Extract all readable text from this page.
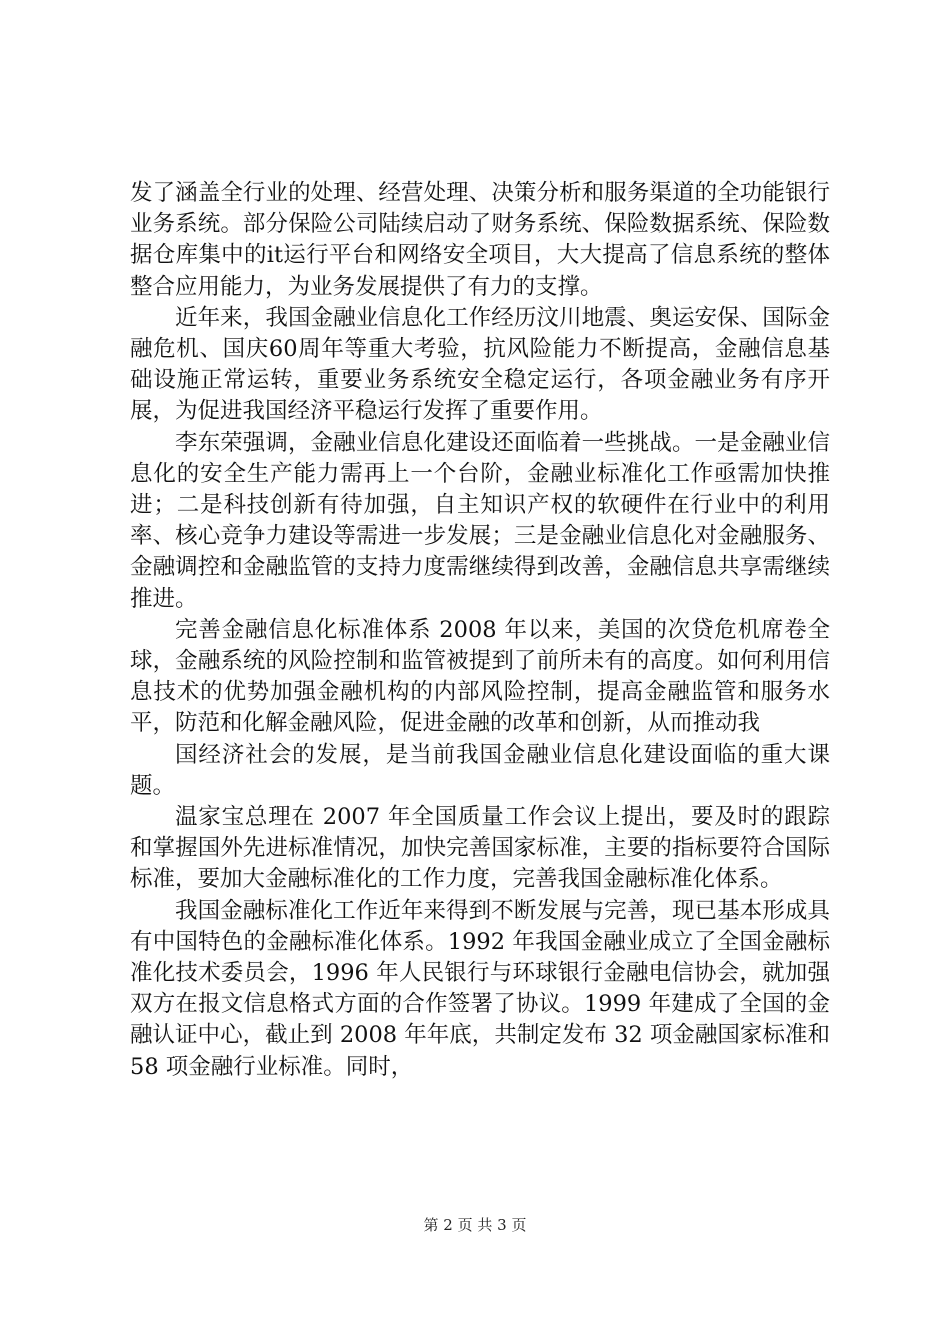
发了涵盖全行业的处理、经营处理、决策分析和服务渠道的全功能银行业务系统。部分保险公司陆续启动了财务系统、保险数据系统、保险数据仓库集中的it运行平台和网络安全项目，大大提高了信息系统的整体整合应用能力，为业务发展提供了有力的支撑。

近年来，我国金融业信息化工作经历汶川地震、奥运安保、国际金融危机、国庆60周年等重大考验，抗风险能力不断提高，金融信息基础设施正常运转，重要业务系统安全稳定运行，各项金融业务有序开展，为促进我国经济平稳运行发挥了重要作用。

李东荣强调，金融业信息化建设还面临着一些挑战。一是金融业信息化的安全生产能力需再上一个台阶，金融业标准化工作亟需加快推进；二是科技创新有待加强，自主知识产权的软硬件在行业中的利用率、核心竞争力建设等需进一步发展；三是金融业信息化对金融服务、金融调控和金融监管的支持力度需继续得到改善，金融信息共享需继续推进。

完善金融信息化标准体系 2008 年以来，美国的次贷危机席卷全球，金融系统的风险控制和监管被提到了前所未有的高度。如何利用信息技术的优势加强金融机构的内部风险控制，提高金融监管和服务水平，防范和化解金融风险，促进金融的改革和创新，从而推动我

国经济社会的发展，是当前我国金融业信息化建设面临的重大课题。

温家宝总理在 2007 年全国质量工作会议上提出，要及时的跟踪和掌握国外先进标准情况，加快完善国家标准，主要的指标要符合国际标准，要加大金融标准化的工作力度，完善我国金融标准化体系。

我国金融标准化工作近年来得到不断发展与完善，现已基本形成具有中国特色的金融标准化体系。1992 年我国金融业成立了全国金融标准化技术委员会，1996 年人民银行与环球银行金融电信协会，就加强双方在报文信息格式方面的合作签署了协议。1999 年建成了全国的金融认证中心，截止到 2008 年年底，共制定发布 32 项金融国家标准和 58 项金融行业标准。同时，

第 2 页 共 3 页
